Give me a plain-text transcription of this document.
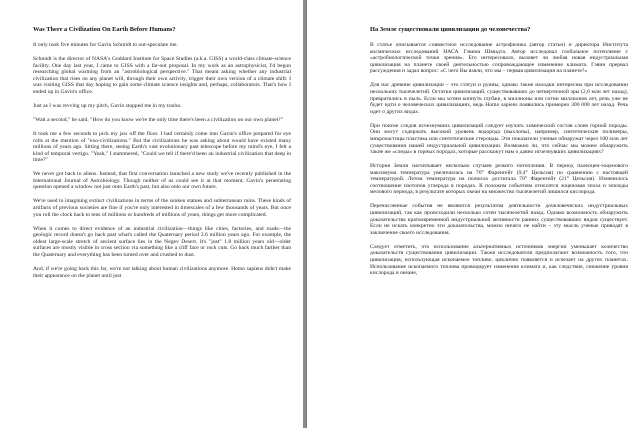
Was There a Civilization On Earth Before Humans?

It only took five minutes for Gavin Schmidt to out-speculate me.

Schmidt is the director of NASA's Goddard Institute for Space Studies (a.k.a. GISS) a world-class climate-science facility. One day last year, I came to GISS with a far-out proposal. In my work as an astrophysicist, I'd begun researching global warming from an "astrobiological perspective." That meant asking whether any industrial civilization that rises on any planet will, through their own activity, trigger their own version of a climate shift. I was visiting GISS that day hoping to gain some climate science insights and, perhaps, collaborators. That's how I ended up in Gavin's office.

Just as I was revving up my pitch, Gavin stopped me in my tracks.

"Wait a second," he said. "How do you know we're the only time there's been a civilization on our own planet?"

It took me a few seconds to pick my jaw off the floor. I had certainly come into Gavin's office prepared for eye rolls at the mention of "exo-civilizations." But the civilizations he was asking about would have existed many millions of years ago. Sitting there, seeing Earth's vast evolutionary past telescope before my mind's eye, I felt a kind of temporal vertigo. "Yeah," I stammered, "Could we tell if there'd been an industrial civilization that deep in time?"

We never got back to aliens. Instead, that first conversation launched a new study we've recently published in the International Journal of Astrobiology. Though neither of us could see it at that moment, Gavin's penetrating question opened a window not just onto Earth's past, but also onto our own future.

We're used to imagining extinct civilizations in terms of the sunken statues and subterranean ruins. These kinds of artifacts of previous societies are fine if you're only interested in timescales of a few thousands of years. But once you roll the clock back to tens of millions or hundreds of millions of years, things get more complicated.

When it comes to direct evidence of an industrial civilization—things like cities, factories, and roads—the geologic record doesn't go back past what's called the Quaternary period 2.6 million years ago. For example, the oldest large-scale stretch of ancient surface lies in the Negev Desert. It's "just" 1.8 million years old—older surfaces are mostly visible in cross section via something like a cliff face or rock cuts. Go back much farther than the Quaternary and everything has been turned over and crushed to dust.

And, if we're going back this far, we're not talking about human civilizations anymore. Homo sapiens didn't make their appearance on the planet until just

На Земле существовали цивилизации до человечества?

В статье описывается совместное исследование астрофизика (автор статьи) и директора Института космических исследований НАСА Гэвина Шмидта. Автор исследовал глобальное потепление с «астробиологической точки зрения». Его интересовало, вызовет ли любая новая индустриальная цивилизация на планете своей деятельностью сопровождающее изменение климата. Гэвин прервал рассуждения и задал вопрос: «С чего Вы взяли, что мы – первая цивилизация на планете?»

Для нас древние цивилизации – это статуи и руины, однако такие находки интересны при исследовании нескольких тысячелетий. Остатки цивилизаций, существовавших до четвертичной эры (2,6 млн лет назад), превратились в пыль. Если мы хотим копнуть глубже, в миллионы или сотни миллионов лет, речь уже не будет идти о человеческих цивилизациях, ведь Homo sapiens появились примерно 300 000 лет назад. Речь идет о других видах.

При поиске следов исчезнувших цивилизаций следует изучать химический состав слоев горной породы. Они могут содержать высокий уровень водорода (выхлопы), например, синтетические полимеры, микрочастицы пластика или синтетические стероиды. Эти показатели ученые обнаружат через 100 млн лет существования нашей индустриальной цивилизации. Возможно ли, что сейчас мы можем обнаружить такие же «следы» в горных породах, которые расскажут нам о давно исчезнувших цивилизациях?

История Земли насчитывает несколько случаев резкого потепления. В период палеоцен-эоценового максимума температура увеличилась на 70° Фаренгейт (9,4° Цельсия) по сравнению с настоящей температурой. Летом температура на полюсах достигала 70° Фаренгейт (21° Цельсия). Изменилось соотношение изотопов углерода в породах. К похожим событиям относятся эоценовая эпоха и эпизоды мелового периода, в результате которых океан на множество тысячелетий лишился кислорода.

Перечисленные события не являются результатом деятельности дочеловеческих индустриальных цивилизаций, так как происходили несколько сотен тысячелетий назад. Однако возможность обнаружить доказательства кратковременной индустриальной активности ранних существовавших видов существует. Если не искать конкретно эти доказательства, можно ничего не найти – эту мысль ученые приводят в заключение своего исследования.

Следует отметить, что использование альтернативных источников энергии уменьшает количество доказательств существования цивилизации. Также исследователи предполагают возможность того, что цивилизация, использующая ископаемое топливо, циклично появляется и исчезает на других планетах. Использование ископаемого топлива провоцирует изменение климата и, как следствие, снижение уровня кислорода в океане,
